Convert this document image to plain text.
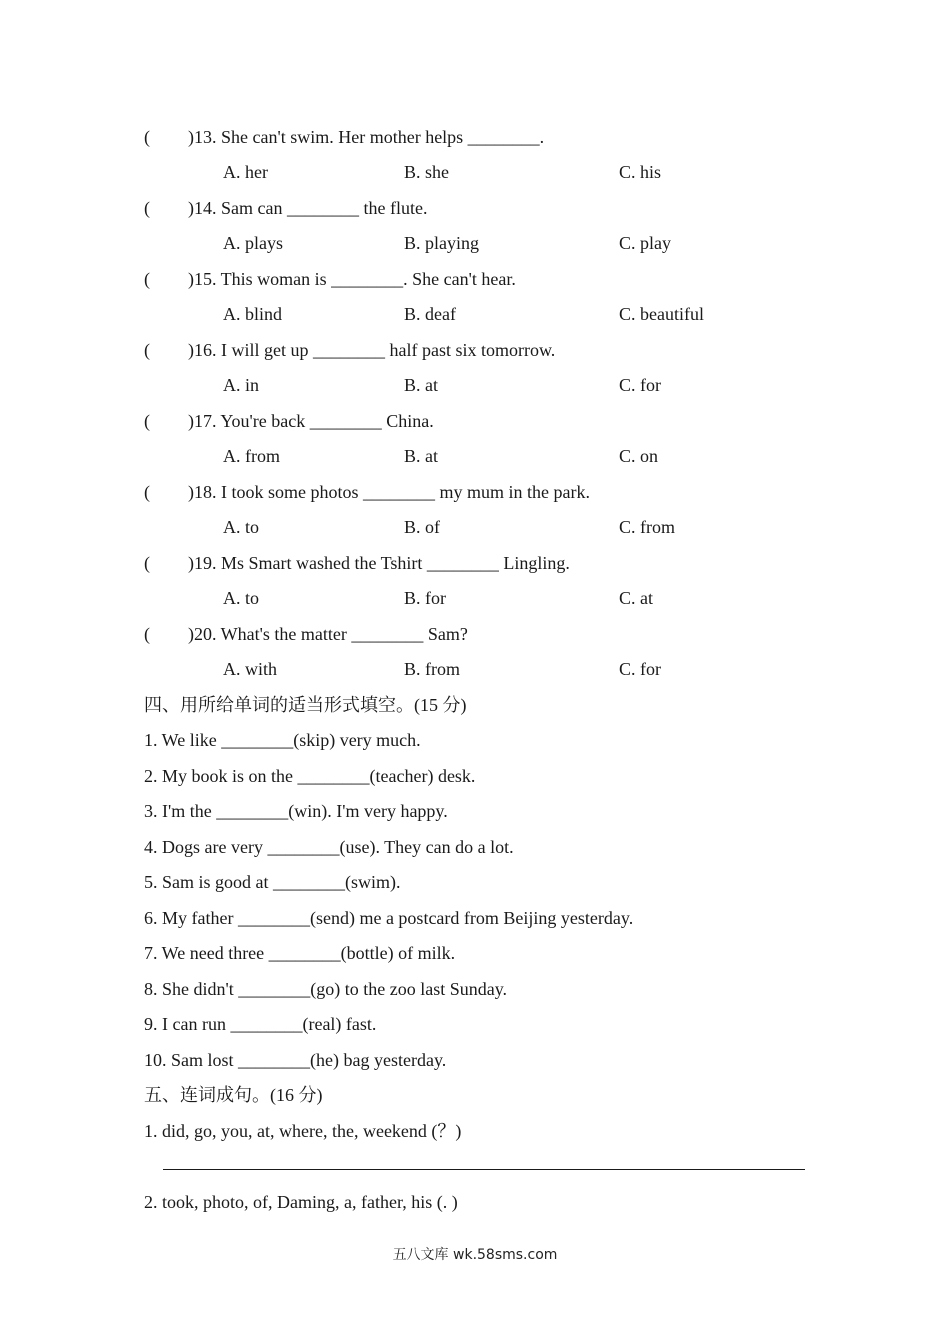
( )13. She can't swim. Her mother helps ________.
A. her	B. she	C. his
( )14. Sam can ________ the flute.
A. plays	B. playing	C. play
( )15. This woman is ________. She can't hear.
A. blind	B. deaf	C. beautiful
( )16. I will get up ________ half past six tomorrow.
A. in	B. at	C. for
( )17. You're back ________ China.
A. from	B. at	C. on
( )18. I took some photos ________ my mum in the park.
A. to	B. of	C. from
( )19. Ms Smart washed the Tshirt ________ Lingling.
A. to	B. for	C. at
( )20. What's the matter ________ Sam?
A. with	B. from	C. for
四、用所给单词的适当形式填空。(15 分)
1. We like ________(skip) very much.
2. My book is on the ________(teacher) desk.
3. I'm the ________(win). I'm very happy.
4. Dogs are very ________(use). They can do a lot.
5. Sam is good at ________(swim).
6. My father ________(send) me a postcard from Beijing yesterday.
7. We need three ________(bottle) of milk.
8. She didn't ________(go) to the zoo last Sunday.
9. I can run ________(real) fast.
10. Sam lost ________(he) bag yesterday.
五、连词成句。(16 分)
1. did, go, you, at, where, the, weekend (？)
2. took, photo, of, Daming, a, father, his (. )
五八文库 wk.58sms.com
